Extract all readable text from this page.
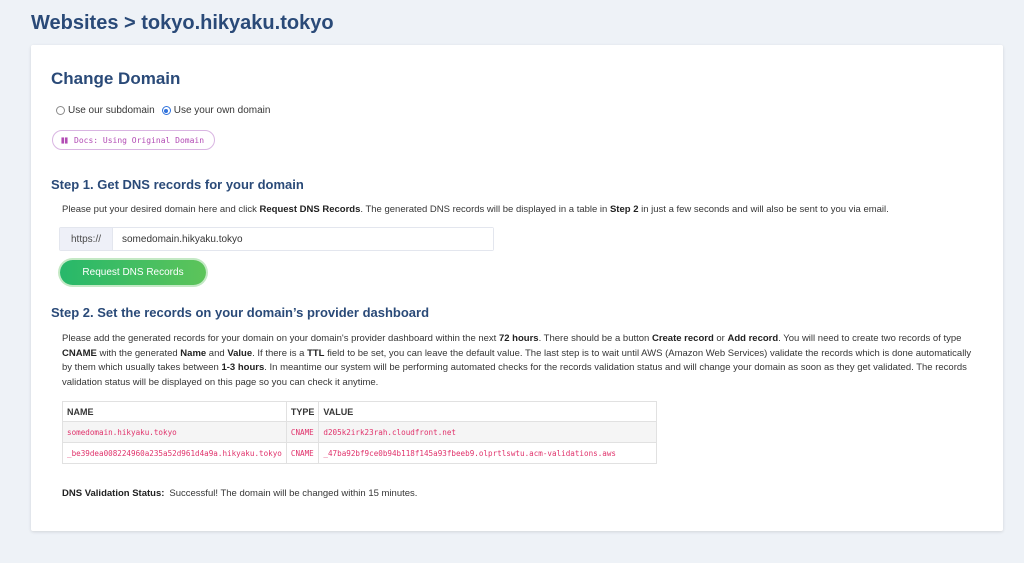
Websites > tokyo.hikyaku.tokyo
Change Domain
Use our subdomain Use your own domain
Docs: Using Original Domain
Step 1. Get DNS records for your domain

Please put your desired domain here and click Request DNS Records. The generated DNS records will be displayed in a table in Step 2 in just a few seconds and will also be sent to you via email.

https://
somedomain.hikyaku.tokyo
Request DNS Records
Step 2. Set the records on your domain’s provider dashboard

Please add the generated records for your domain on your domain's provider dashboard within the next 72 hours. There should be a button Create record or Add record. You will need to create two records of type CNAME with the generated Name and Value. If there is a TTL field to be set, you can leave the default value. The last step is to wait until AWS (Amazon Web Services) validate the records which is done automatically by them which usually takes between 1-3 hours. In meantime our system will be performing automated checks for the records validation status and will change your domain as soon as they get validated. The records validation status will be displayed on this page so you can check it anytime.

NAME	TYPE	VALUE
somedomain.hikyaku.tokyo	CNAME	d205k2irk23rah.cloudfront.net
_be39dea008224960a235a52d961d4a9a.hikyaku.tokyo	CNAME	_47ba92bf9ce0b94b118f145a93fbeeb9.olprtlswtu.acm-validations.aws

DNS Validation Status: Successful! The domain will be changed within 15 minutes.
